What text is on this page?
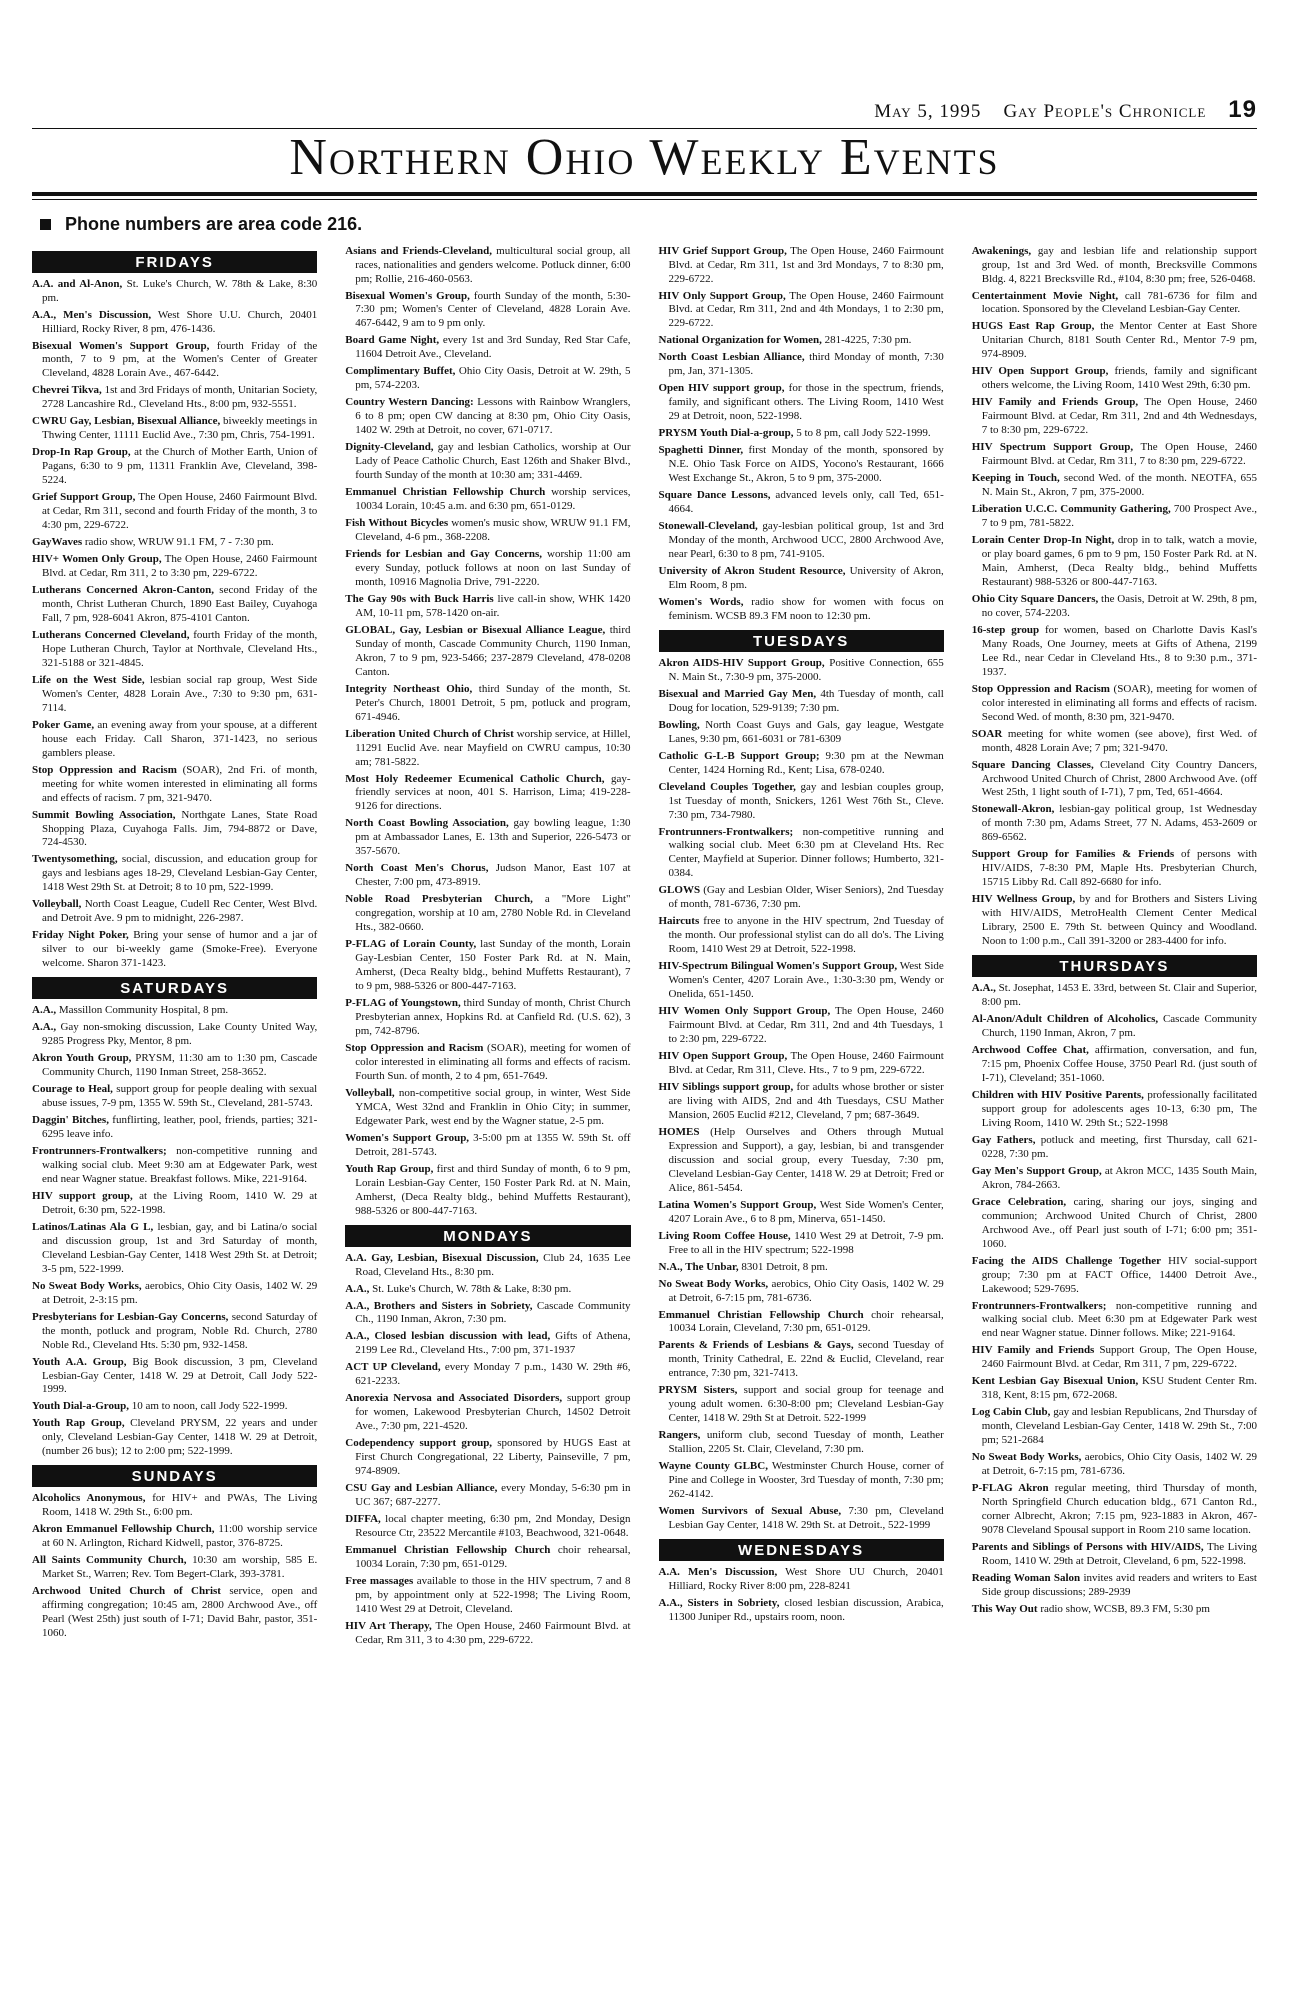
May 5, 1995 Gay People's Chronicle 19
Northern Ohio Weekly Events
Phone numbers are area code 216.
FRIDAYS

A.A. and Al-Anon, St. Luke's Church, W. 78th & Lake, 8:30 pm.

A.A., Men's Discussion, West Shore U.U. Church, 20401 Hilliard, Rocky River, 8 pm, 476-1436.

Bisexual Women's Support Group, fourth Friday of the month, 7 to 9 pm, at the Women's Center of Greater Cleveland, 4828 Lorain Ave., 467-6442.

Chevrei Tikva, 1st and 3rd Fridays of month, Unitarian Society, 2728 Lancashire Rd., Cleveland Hts., 8:00 pm, 932-5551.

CWRU Gay, Lesbian, Bisexual Alliance, biweekly meetings in Thwing Center, 11111 Euclid Ave., 7:30 pm, Chris, 754-1991.

Drop-In Rap Group, at the Church of Mother Earth, Union of Pagans, 6:30 to 9 pm, 11311 Franklin Ave, Cleveland, 398-5224.

Grief Support Group, The Open House, 2460 Fairmount Blvd. at Cedar, Rm 311, second and fourth Friday of the month, 3 to 4:30 pm, 229-6722.

GayWaves radio show, WRUW 91.1 FM, 7 - 7:30 pm.

HIV+ Women Only Group, The Open House, 2460 Fairmount Blvd. at Cedar, Rm 311, 2 to 3:30 pm, 229-6722.

Lutherans Concerned Akron-Canton, second Friday of the month, Christ Lutheran Church, 1890 East Bailey, Cuyahoga Fall, 7 pm, 928-6041 Akron, 875-4101 Canton.

Lutherans Concerned Cleveland, fourth Friday of the month, Hope Lutheran Church, Taylor at Northvale, Cleveland Hts., 321-5188 or 321-4845.

Life on the West Side, lesbian social rap group, West Side Women's Center, 4828 Lorain Ave., 7:30 to 9:30 pm, 631-7114.

Poker Game, an evening away from your spouse, at a different house each Friday. Call Sharon, 371-1423, no serious gamblers please.

Stop Oppression and Racism (SOAR), 2nd Fri. of month, meeting for white women interested in eliminating all forms and effects of racism. 7 pm, 321-9470.

Summit Bowling Association, Northgate Lanes, State Road Shopping Plaza, Cuyahoga Falls. Jim, 794-8872 or Dave, 724-4530.

Twentysomething, social, discussion, and education group for gays and lesbians ages 18-29, Cleveland Lesbian-Gay Center, 1418 West 29th St. at Detroit; 8 to 10 pm, 522-1999.

Volleyball, North Coast League, Cudell Rec Center, West Blvd. and Detroit Ave. 9 pm to midnight, 226-2987.

Friday Night Poker, Bring your sense of humor and a jar of silver to our bi-weekly game (Smoke-Free). Everyone welcome. Sharon 371-1423.

SATURDAYS

A.A., Massillon Community Hospital, 8 pm.

A.A., Gay non-smoking discussion, Lake County United Way, 9285 Progress Pky, Mentor, 8 pm.

Akron Youth Group, PRYSM, 11:30 am to 1:30 pm, Cascade Community Church, 1190 Inman Street, 258-3652.

Courage to Heal, support group for people dealing with sexual abuse issues, 7-9 pm, 1355 W. 59th St., Cleveland, 281-5743.

Daggin' Bitches, funflirting, leather, pool, friends, parties; 321-6295 leave info.

Frontrunners-Frontwalkers; non-competitive running and walking social club. Meet 9:30 am at Edgewater Park, west end near Wagner statue. Breakfast follows. Mike, 221-9164.

HIV support group, at the Living Room, 1410 W. 29 at Detroit, 6:30 pm, 522-1998.

Latinos/Latinas Ala G L, lesbian, gay, and bi Latina/o social and discussion group, 1st and 3rd Saturday of month, Cleveland Lesbian-Gay Center, 1418 West 29th St. at Detroit; 3-5 pm, 522-1999.

No Sweat Body Works, aerobics, Ohio City Oasis, 1402 W. 29 at Detroit, 2-3:15 pm.

Presbyterians for Lesbian-Gay Concerns, second Saturday of the month, potluck and program, Noble Rd. Church, 2780 Noble Rd., Cleveland Hts. 5:30 pm, 932-1458.

Youth A.A. Group, Big Book discussion, 3 pm, Cleveland Lesbian-Gay Center, 1418 W. 29 at Detroit, Call Jody 522-1999.

Youth Dial-a-Group, 10 am to noon, call Jody 522-1999.

Youth Rap Group, Cleveland PRYSM, 22 years and under only, Cleveland Lesbian-Gay Center, 1418 W. 29 at Detroit, (number 26 bus); 12 to 2:00 pm; 522-1999.

SUNDAYS

Alcoholics Anonymous, for HIV+ and PWAs, The Living Room, 1418 W. 29th St., 6:00 pm.

Akron Emmanuel Fellowship Church, 11:00 worship service at 60 N. Arlington, Richard Kidwell, pastor, 376-8725.

All Saints Community Church, 10:30 am worship, 585 E. Market St., Warren; Rev. Tom Begert-Clark, 393-3781.

Archwood United Church of Christ service, open and affirming congregation; 10:45 am, 2800 Archwood Ave., off Pearl (West 25th) just south of I-71; David Bahr, pastor, 351-1060.

Asians and Friends-Cleveland, multicultural social group, all races, nationalities and genders welcome. Potluck dinner, 6:00 pm; Rollie, 216-460-0563.

Bisexual Women's Group, fourth Sunday of the month, 5:30-7:30 pm; Women's Center of Cleveland, 4828 Lorain Ave. 467-6442, 9 am to 9 pm only.

Board Game Night, every 1st and 3rd Sunday, Red Star Cafe, 11604 Detroit Ave., Cleveland.

Complimentary Buffet, Ohio City Oasis, Detroit at W. 29th, 5 pm, 574-2203.

Country Western Dancing: Lessons with Rainbow Wranglers, 6 to 8 pm; open CW dancing at 8:30 pm, Ohio City Oasis, 1402 W. 29th at Detroit, no cover, 671-0717.

Dignity-Cleveland, gay and lesbian Catholics, worship at Our Lady of Peace Catholic Church, East 126th and Shaker Blvd., fourth Sunday of the month at 10:30 am; 331-4469.

Emmanuel Christian Fellowship Church worship services, 10034 Lorain, 10:45 a.m. and 6:30 pm, 651-0129.

Fish Without Bicycles women's music show, WRUW 91.1 FM, Cleveland, 4-6 pm., 368-2208.

Friends for Lesbian and Gay Concerns, worship 11:00 am every Sunday, potluck follows at noon on last Sunday of month, 10916 Magnolia Drive, 791-2220.

The Gay 90s with Buck Harris live call-in show, WHK 1420 AM, 10-11 pm, 578-1420 on-air.

GLOBAL, Gay, Lesbian or Bisexual Alliance League, third Sunday of month, Cascade Community Church, 1190 Inman, Akron, 7 to 9 pm, 923-5466; 237-2879 Cleveland, 478-0208 Canton.

Integrity Northeast Ohio, third Sunday of the month, St. Peter's Church, 18001 Detroit, 5 pm, potluck and program, 671-4946.

Liberation United Church of Christ worship service, at Hillel, 11291 Euclid Ave. near Mayfield on CWRU campus, 10:30 am; 781-5822.

Most Holy Redeemer Ecumenical Catholic Church, gay-friendly services at noon, 401 S. Harrison, Lima; 419-228-9126 for directions.

North Coast Bowling Association, gay bowling league, 1:30 pm at Ambassador Lanes, E. 13th and Superior, 226-5473 or 357-5670.

North Coast Men's Chorus, Judson Manor, East 107 at Chester, 7:00 pm, 473-8919.

Noble Road Presbyterian Church, a "More Light" congregation, worship at 10 am, 2780 Noble Rd. in Cleveland Hts., 382-0660.

P-FLAG of Lorain County, last Sunday of the month, Lorain Gay-Lesbian Center, 150 Foster Park Rd. at N. Main, Amherst, (Deca Realty bldg., behind Muffetts Restaurant), 7 to 9 pm, 988-5326 or 800-447-7163.

P-FLAG of Youngstown, third Sunday of month, Christ Church Presbyterian annex, Hopkins Rd. at Canfield Rd. (U.S. 62), 3 pm, 742-8796.

Stop Oppression and Racism (SOAR), meeting for women of color interested in eliminating all forms and effects of racism. Fourth Sun. of month, 2 to 4 pm, 651-7649.

Volleyball, non-competitive social group, in winter, West Side YMCA, West 32nd and Franklin in Ohio City; in summer, Edgewater Park, west end by the Wagner statue, 2-5 pm.

Women's Support Group, 3-5:00 pm at 1355 W. 59th St. off Detroit, 281-5743.

Youth Rap Group, first and third Sunday of month, 6 to 9 pm, Lorain Lesbian-Gay Center, 150 Foster Park Rd. at N. Main, Amherst, (Deca Realty bldg., behind Muffetts Restaurant), 988-5326 or 800-447-7163.

MONDAYS

A.A. Gay, Lesbian, Bisexual Discussion, Club 24, 1635 Lee Road, Cleveland Hts., 8:30 pm.

A.A., St. Luke's Church, W. 78th & Lake, 8:30 pm.

A.A., Brothers and Sisters in Sobriety, Cascade Community Ch., 1190 Inman, Akron, 7:30 pm.

A.A., Closed lesbian discussion with lead, Gifts of Athena, 2199 Lee Rd., Cleveland Hts., 7:00 pm, 371-1937

ACT UP Cleveland, every Monday 7 p.m., 1430 W. 29th #6, 621-2233.

Anorexia Nervosa and Associated Disorders, support group for women, Lakewood Presbyterian Church, 14502 Detroit Ave., 7:30 pm, 221-4520.

Codependency support group, sponsored by HUGS East at First Church Congregational, 22 Liberty, Painseville, 7 pm, 974-8909.

CSU Gay and Lesbian Alliance, every Monday, 5-6:30 pm in UC 367; 687-2277.

DIFFA, local chapter meeting, 6:30 pm, 2nd Monday, Design Resource Ctr, 23522 Mercantile #103, Beachwood, 321-0648.

Emmanuel Christian Fellowship Church choir rehearsal, 10034 Lorain, 7:30 pm, 651-0129.

Free massages available to those in the HIV spectrum, 7 and 8 pm, by appointment only at 522-1998; The Living Room, 1410 West 29 at Detroit, Cleveland.

HIV Art Therapy, The Open House, 2460 Fairmount Blvd. at Cedar, Rm 311, 3 to 4:30 pm, 229-6722.

HIV Grief Support Group, The Open House, 2460 Fairmount Blvd. at Cedar, Rm 311, 1st and 3rd Mondays, 7 to 8:30 pm, 229-6722.

HIV Only Support Group, The Open House, 2460 Fairmount Blvd. at Cedar, Rm 311, 2nd and 4th Mondays, 1 to 2:30 pm, 229-6722.

National Organization for Women, 281-4225, 7:30 pm.

North Coast Lesbian Alliance, third Monday of month, 7:30 pm, Jan, 371-1305.

Open HIV support group, for those in the spectrum, friends, family, and significant others. The Living Room, 1410 West 29 at Detroit, noon, 522-1998.

PRYSM Youth Dial-a-group, 5 to 8 pm, call Jody 522-1999.

Spaghetti Dinner, first Monday of the month, sponsored by N.E. Ohio Task Force on AIDS, Yocono's Restaurant, 1666 West Exchange St., Akron, 5 to 9 pm, 375-2000.

Square Dance Lessons, advanced levels only, call Ted, 651-4664.

Stonewall-Cleveland, gay-lesbian political group, 1st and 3rd Monday of the month, Archwood UCC, 2800 Archwood Ave, near Pearl, 6:30 to 8 pm, 741-9105.

University of Akron Student Resource, University of Akron, Elm Room, 8 pm.

Women's Words, radio show for women with focus on feminism. WCSB 89.3 FM noon to 12:30 pm.

TUESDAYS

Akron AIDS-HIV Support Group, Positive Connection, 655 N. Main St., 7:30-9 pm, 375-2000.

Bisexual and Married Gay Men, 4th Tuesday of month, call Doug for location, 529-9139; 7:30 pm.

Bowling, North Coast Guys and Gals, gay league, Westgate Lanes, 9:30 pm, 661-6031 or 781-6309

Catholic G-L-B Support Group; 9:30 pm at the Newman Center, 1424 Horning Rd., Kent; Lisa, 678-0240.

Cleveland Couples Together, gay and lesbian couples group, 1st Tuesday of month, Snickers, 1261 West 76th St., Cleve. 7:30 pm, 734-7980.

Frontrunners-Frontwalkers; non-competitive running and walking social club. Meet 6:30 pm at Cleveland Hts. Rec Center, Mayfield at Superior. Dinner follows; Humberto, 321-0384.

GLOWS (Gay and Lesbian Older, Wiser Seniors), 2nd Tuesday of month, 781-6736, 7:30 pm.

Haircuts free to anyone in the HIV spectrum, 2nd Tuesday of the month. Our professional stylist can do all do's. The Living Room, 1410 West 29 at Detroit, 522-1998.

HIV-Spectrum Bilingual Women's Support Group, West Side Women's Center, 4207 Lorain Ave., 1:30-3:30 pm, Wendy or Onelida, 651-1450.

HIV Women Only Support Group, The Open House, 2460 Fairmount Blvd. at Cedar, Rm 311, 2nd and 4th Tuesdays, 1 to 2:30 pm, 229-6722.

HIV Open Support Group, The Open House, 2460 Fairmount Blvd. at Cedar, Rm 311, Cleve. Hts., 7 to 9 pm, 229-6722.

HIV Siblings support group, for adults whose brother or sister are living with AIDS, 2nd and 4th Tuesdays, CSU Mather Mansion, 2605 Euclid #212, Cleveland, 7 pm; 687-3649.

HOMES (Help Ourselves and Others through Mutual Expression and Support), a gay, lesbian, bi and transgender discussion and social group, every Tuesday, 7:30 pm, Cleveland Lesbian-Gay Center, 1418 W. 29 at Detroit; Fred or Alice, 861-5454.

Latina Women's Support Group, West Side Women's Center, 4207 Lorain Ave., 6 to 8 pm, Minerva, 651-1450.

Living Room Coffee House, 1410 West 29 at Detroit, 7-9 pm. Free to all in the HIV spectrum; 522-1998

N.A., The Unbar, 8301 Detroit, 8 pm.

No Sweat Body Works, aerobics, Ohio City Oasis, 1402 W. 29 at Detroit, 6-7:15 pm, 781-6736.

Emmanuel Christian Fellowship Church choir rehearsal, 10034 Lorain, Cleveland, 7:30 pm, 651-0129.

Parents & Friends of Lesbians & Gays, second Tuesday of month, Trinity Cathedral, E. 22nd & Euclid, Cleveland, rear entrance, 7:30 pm, 321-7413.

PRYSM Sisters, support and social group for teenage and young adult women. 6:30-8:00 pm; Cleveland Lesbian-Gay Center, 1418 W. 29th St at Detroit. 522-1999

Rangers, uniform club, second Tuesday of month, Leather Stallion, 2205 St. Clair, Cleveland, 7:30 pm.

Wayne County GLBC, Westminster Church House, corner of Pine and College in Wooster, 3rd Tuesday of month, 7:30 pm; 262-4142.

Women Survivors of Sexual Abuse, 7:30 pm, Cleveland Lesbian Gay Center, 1418 W. 29th St. at Detroit., 522-1999

WEDNESDAYS

A.A. Men's Discussion, West Shore UU Church, 20401 Hilliard, Rocky River 8:00 pm, 228-8241

A.A., Sisters in Sobriety, closed lesbian discussion, Arabica, 11300 Juniper Rd., upstairs room, noon.

Awakenings, gay and lesbian life and relationship support group, 1st and 3rd Wed. of month, Brecksville Commons Bldg. 4, 8221 Brecksville Rd., #104, 8:30 pm; free, 526-0468.

Centertainment Movie Night, call 781-6736 for film and location. Sponsored by the Cleveland Lesbian-Gay Center.

HUGS East Rap Group, the Mentor Center at East Shore Unitarian Church, 8181 South Center Rd., Mentor 7-9 pm, 974-8909.

HIV Open Support Group, friends, family and significant others welcome, the Living Room, 1410 West 29th, 6:30 pm.

HIV Family and Friends Group, The Open House, 2460 Fairmount Blvd. at Cedar, Rm 311, 2nd and 4th Wednesdays, 7 to 8:30 pm, 229-6722.

HIV Spectrum Support Group, The Open House, 2460 Fairmount Blvd. at Cedar, Rm 311, 7 to 8:30 pm, 229-6722.

Keeping in Touch, second Wed. of the month. NEOTFA, 655 N. Main St., Akron, 7 pm, 375-2000.

Liberation U.C.C. Community Gathering, 700 Prospect Ave., 7 to 9 pm, 781-5822.

Lorain Center Drop-In Night, drop in to talk, watch a movie, or play board games, 6 pm to 9 pm, 150 Foster Park Rd. at N. Main, Amherst, (Deca Realty bldg., behind Muffetts Restaurant) 988-5326 or 800-447-7163.

Ohio City Square Dancers, the Oasis, Detroit at W. 29th, 8 pm, no cover, 574-2203.

16-step group for women, based on Charlotte Davis Kasl's Many Roads, One Journey, meets at Gifts of Athena, 2199 Lee Rd., near Cedar in Cleveland Hts., 8 to 9:30 p.m., 371-1937.

Stop Oppression and Racism (SOAR), meeting for women of color interested in eliminating all forms and effects of racism. Second Wed. of month, 8:30 pm, 321-9470.

SOAR meeting for white women (see above), first Wed. of month, 4828 Lorain Ave; 7 pm; 321-9470.

Square Dancing Classes, Cleveland City Country Dancers, Archwood United Church of Christ, 2800 Archwood Ave. (off West 25th, 1 light south of I-71), 7 pm, Ted, 651-4664.

Stonewall-Akron, lesbian-gay political group, 1st Wednesday of month 7:30 pm, Adams Street, 77 N. Adams, 453-2609 or 869-6562.

Support Group for Families & Friends of persons with HIV/AIDS, 7-8:30 PM, Maple Hts. Presbyterian Church, 15715 Libby Rd. Call 892-6680 for info.

HIV Wellness Group, by and for Brothers and Sisters Living with HIV/AIDS, MetroHealth Clement Center Medical Library, 2500 E. 79th St. between Quincy and Woodland. Noon to 1:00 p.m., Call 391-3200 or 283-4400 for info.

THURSDAYS

A.A., St. Josephat, 1453 E. 33rd, between St. Clair and Superior, 8:00 pm.

Al-Anon/Adult Children of Alcoholics, Cascade Community Church, 1190 Inman, Akron, 7 pm.

Archwood Coffee Chat, affirmation, conversation, and fun, 7:15 pm, Phoenix Coffee House, 3750 Pearl Rd. (just south of I-71), Cleveland; 351-1060.

Children with HIV Positive Parents, professionally facilitated support group for adolescents ages 10-13, 6:30 pm, The Living Room, 1410 W. 29th St.; 522-1998

Gay Fathers, potluck and meeting, first Thursday, call 621-0228, 7:30 pm.

Gay Men's Support Group, at Akron MCC, 1435 South Main, Akron, 784-2663.

Grace Celebration, caring, sharing our joys, singing and communion; Archwood United Church of Christ, 2800 Archwood Ave., off Pearl just south of I-71; 6:00 pm; 351-1060.

Facing the AIDS Challenge Together HIV social-support group; 7:30 pm at FACT Office, 14400 Detroit Ave., Lakewood; 529-7695.

Frontrunners-Frontwalkers; non-competitive running and walking social club. Meet 6:30 pm at Edgewater Park west end near Wagner statue. Dinner follows. Mike; 221-9164.

HIV Family and Friends Support Group, The Open House, 2460 Fairmount Blvd. at Cedar, Rm 311, 7 pm, 229-6722.

Kent Lesbian Gay Bisexual Union, KSU Student Center Rm. 318, Kent, 8:15 pm, 672-2068.

Log Cabin Club, gay and lesbian Republicans, 2nd Thursday of month, Cleveland Lesbian-Gay Center, 1418 W. 29th St., 7:00 pm; 521-2684

No Sweat Body Works, aerobics, Ohio City Oasis, 1402 W. 29 at Detroit, 6-7:15 pm, 781-6736.

P-FLAG Akron regular meeting, third Thursday of month, North Springfield Church education bldg., 671 Canton Rd., corner Albrecht, Akron; 7:15 pm, 923-1883 in Akron, 467-9078 Cleveland Spousal support in Room 210 same location.

Parents and Siblings of Persons with HIV/AIDS, The Living Room, 1410 W. 29th at Detroit, Cleveland, 6 pm, 522-1998.

Reading Woman Salon invites avid readers and writers to East Side group discussions; 289-2939

This Way Out radio show, WCSB, 89.3 FM, 5:30 pm
